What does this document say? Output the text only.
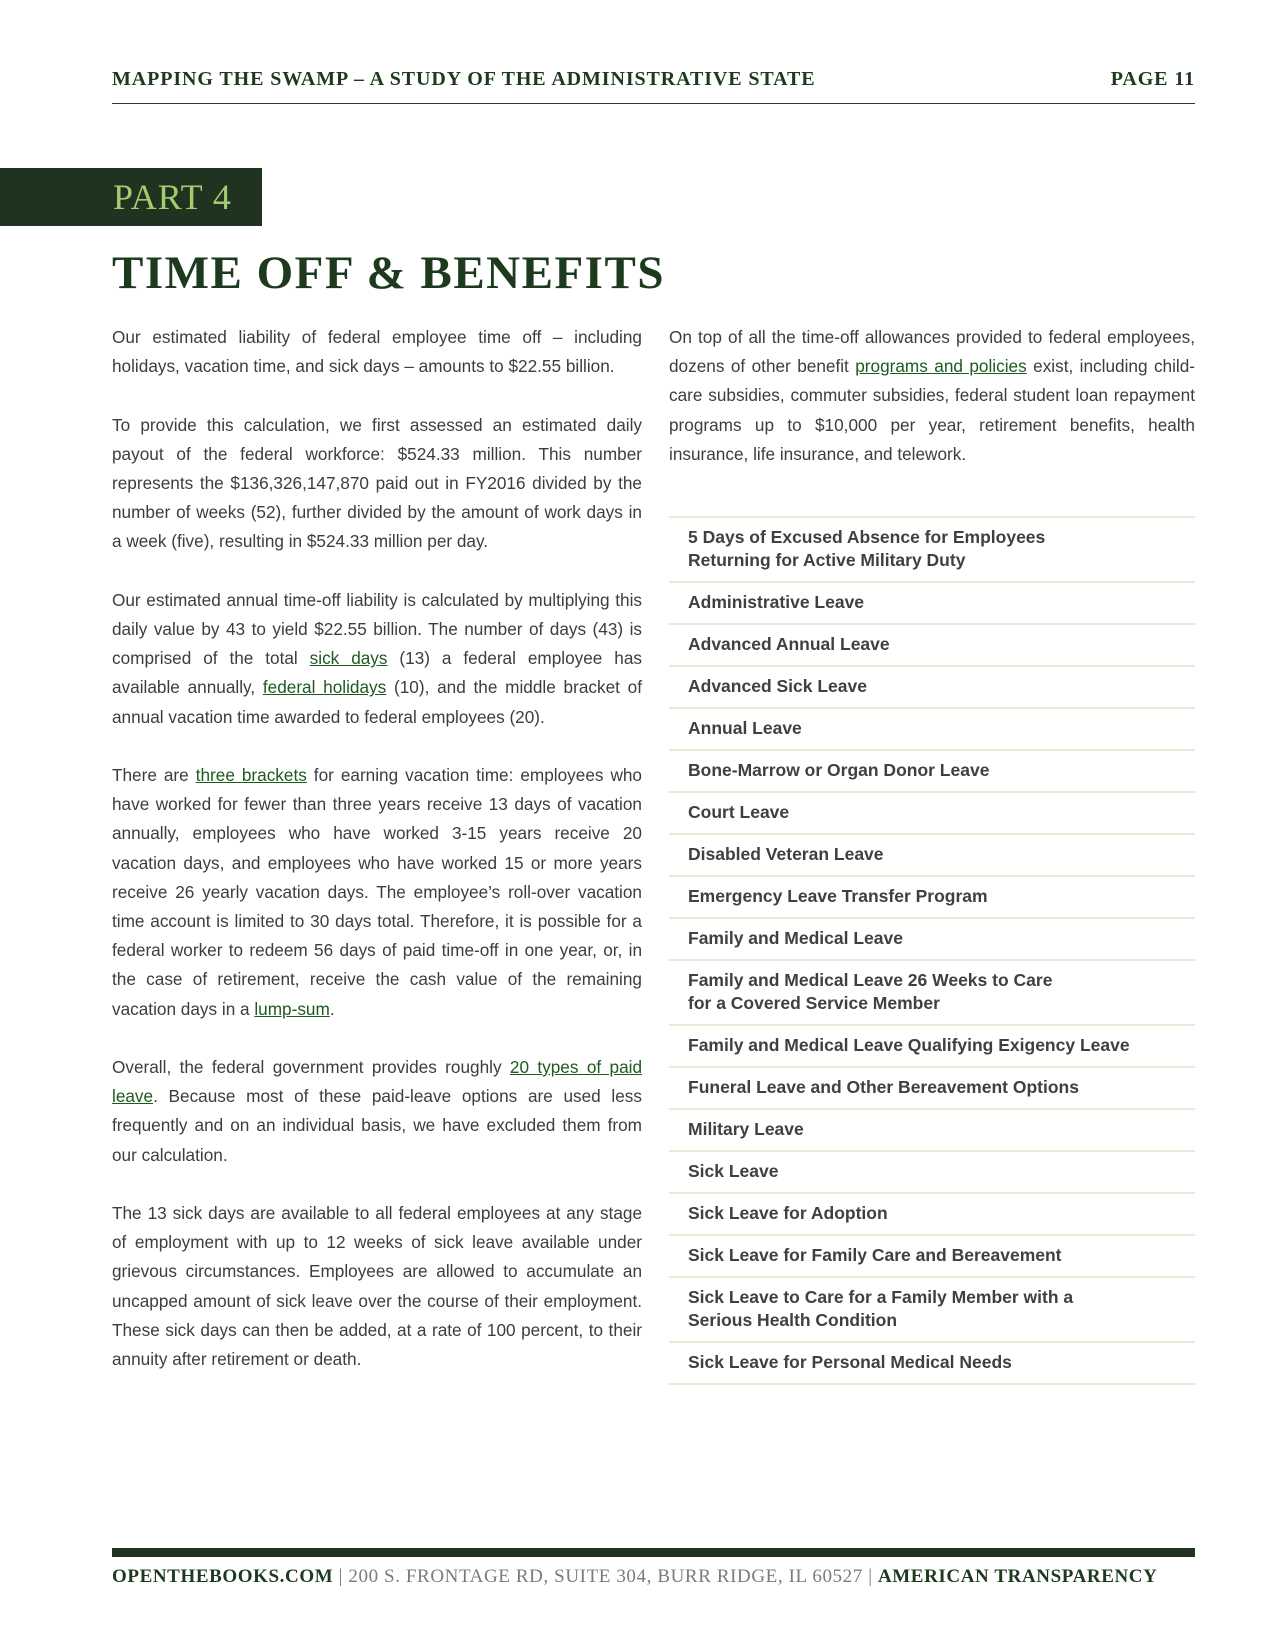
MAPPING THE SWAMP – A STUDY OF THE ADMINISTRATIVE STATE	PAGE 11
PART 4
TIME OFF & BENEFITS

Our estimated liability of federal employee time off – including holidays, vacation time, and sick days – amounts to $22.55 billion.

To provide this calculation, we first assessed an estimated daily payout of the federal workforce: $524.33 million. This number represents the $136,326,147,870 paid out in FY2016 divided by the number of weeks (52), further divided by the amount of work days in a week (five), resulting in $524.33 million per day.

Our estimated annual time-off liability is calculated by multiplying this daily value by 43 to yield $22.55 billion. The number of days (43) is comprised of the total sick days (13) a federal employee has available annually, federal holidays (10), and the middle bracket of annual vacation time awarded to federal employees (20).

There are three brackets for earning vacation time: employees who have worked for fewer than three years receive 13 days of vacation annually, employees who have worked 3-15 years receive 20 vacation days, and employees who have worked 15 or more years receive 26 yearly vacation days. The employee’s roll-over vacation time account is limited to 30 days total. Therefore, it is possible for a federal worker to redeem 56 days of paid time-off in one year, or, in the case of retirement, receive the cash value of the remaining vacation days in a lump-sum.

Overall, the federal government provides roughly 20 types of paid leave. Because most of these paid-leave options are used less frequently and on an individual basis, we have excluded them from our calculation.

The 13 sick days are available to all federal employees at any stage of employment with up to 12 weeks of sick leave available under grievous circumstances. Employees are allowed to accumulate an uncapped amount of sick leave over the course of their employment. These sick days can then be added, at a rate of 100 percent, to their annuity after retirement or death.

On top of all the time-off allowances provided to federal employees, dozens of other benefit programs and policies exist, including child-care subsidies, commuter subsidies, federal student loan repayment programs up to $10,000 per year, retirement benefits, health insurance, life insurance, and telework.

5 Days of Excused Absence for Employees Returning for Active Military Duty
Administrative Leave
Advanced Annual Leave
Advanced Sick Leave
Annual Leave
Bone-Marrow or Organ Donor Leave
Court Leave
Disabled Veteran Leave
Emergency Leave Transfer Program
Family and Medical Leave
Family and Medical Leave 26 Weeks to Care for a Covered Service Member
Family and Medical Leave Qualifying Exigency Leave
Funeral Leave and Other Bereavement Options
Military Leave
Sick Leave
Sick Leave for Adoption
Sick Leave for Family Care and Bereavement
Sick Leave to Care for a Family Member with a Serious Health Condition
Sick Leave for Personal Medical Needs
OPENTHEBOOKS.COM | 200 S. FRONTAGE RD, SUITE 304, BURR RIDGE, IL 60527 | AMERICAN TRANSPARENCY
